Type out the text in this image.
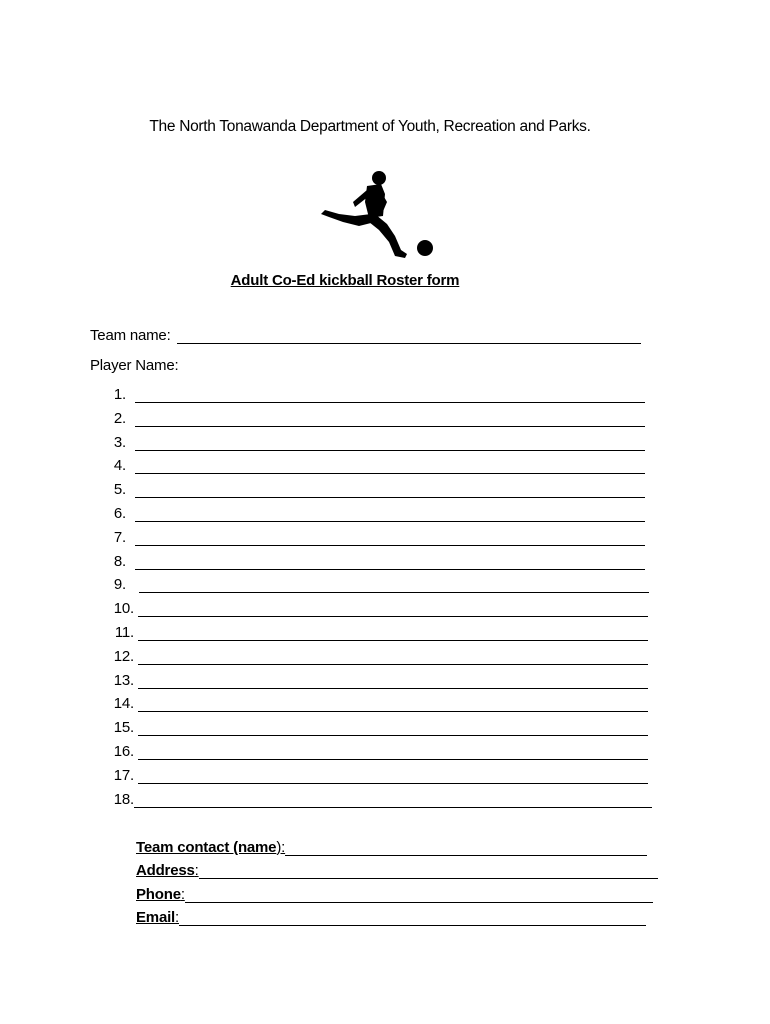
The North Tonawanda Department of Youth, Recreation and Parks.
Adult Co-Ed kickball Roster form
Team name:
Player Name:
1.
2.
3.
4.
5.
6.
7.
8.
9.
10.
11.
12.
13.
14.
15.
16.
17.
18.
Team contact (name ):
Address :
Phone :
Email :
